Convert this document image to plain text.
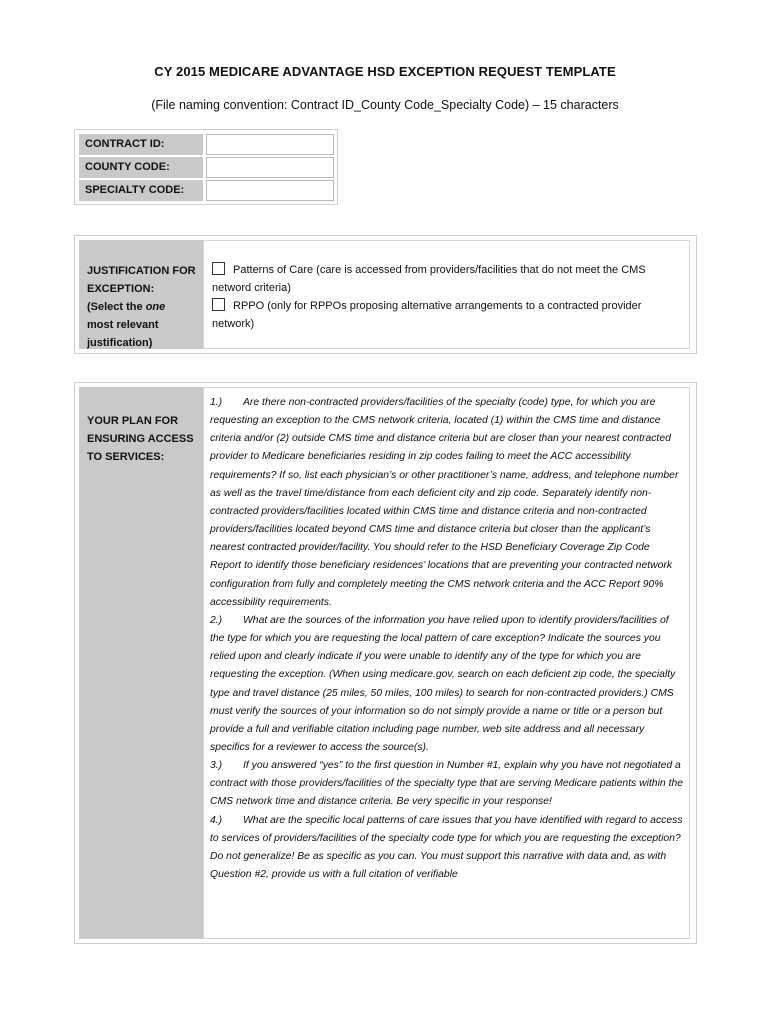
CY 2015 MEDICARE ADVANTAGE HSD EXCEPTION REQUEST TEMPLATE
(File naming convention: Contract ID_County Code_Specialty Code) – 15 characters
CONTRACT ID:
COUNTY CODE:
SPECIALTY CODE:
JUSTIFICATION FOR
EXCEPTION:
(Select the one
most relevant
justification)
Patterns of Care (care is accessed from providers/facilities that do not meet the CMS netword criteria)
RPPO (only for RPPOs proposing alternative arrangements to a contracted provider network)
YOUR PLAN FOR
ENSURING ACCESS
TO SERVICES:

1.) Are there non-contracted providers/facilities of the specialty (code) type, for which you are requesting an exception to the CMS network criteria, located (1) within the CMS time and distance criteria and/or (2) outside CMS time and distance criteria but are closer than your nearest contracted provider to Medicare beneficiaries residing in zip codes failing to meet the ACC accessibility requirements? If so, list each physician’s or other practitioner’s name, address, and telephone number as well as the travel time/distance from each deficient city and zip code. Separately identify non-contracted providers/facilities located within CMS time and distance criteria and non-contracted providers/facilities located beyond CMS time and distance criteria but closer than the applicant’s nearest contracted provider/facility. You should refer to the HSD Beneficiary Coverage Zip Code Report to identify those beneficiary residences’ locations that are preventing your contracted network configuration from fully and completely meeting the CMS network criteria and the ACC Report 90% accessibility requirements.

2.) What are the sources of the information you have relied upon to identify providers/facilities of the type for which you are requesting the local pattern of care exception? Indicate the sources you relied upon and clearly indicate if you were unable to identify any of the type for which you are requesting the exception. (When using medicare.gov, search on each deficient zip code, the specialty type and travel distance (25 miles, 50 miles, 100 miles) to search for non-contracted providers.) CMS must verify the sources of your information so do not simply provide a name or title or a person but provide a full and verifiable citation including page number, web site address and all necessary specifics for a reviewer to access the source(s).

3.) If you answered “yes” to the first question in Number #1, explain why you have not negotiated a contract with those providers/facilities of the specialty type that are serving Medicare patients within the CMS network time and distance criteria. Be very specific in your response!

4.) What are the specific local patterns of care issues that you have identified with regard to access to services of providers/facilities of the specialty code type for which you are requesting the exception? Do not generalize! Be as specific as you can. You must support this narrative with data and, as with Question #2, provide us with a full citation of verifiable
